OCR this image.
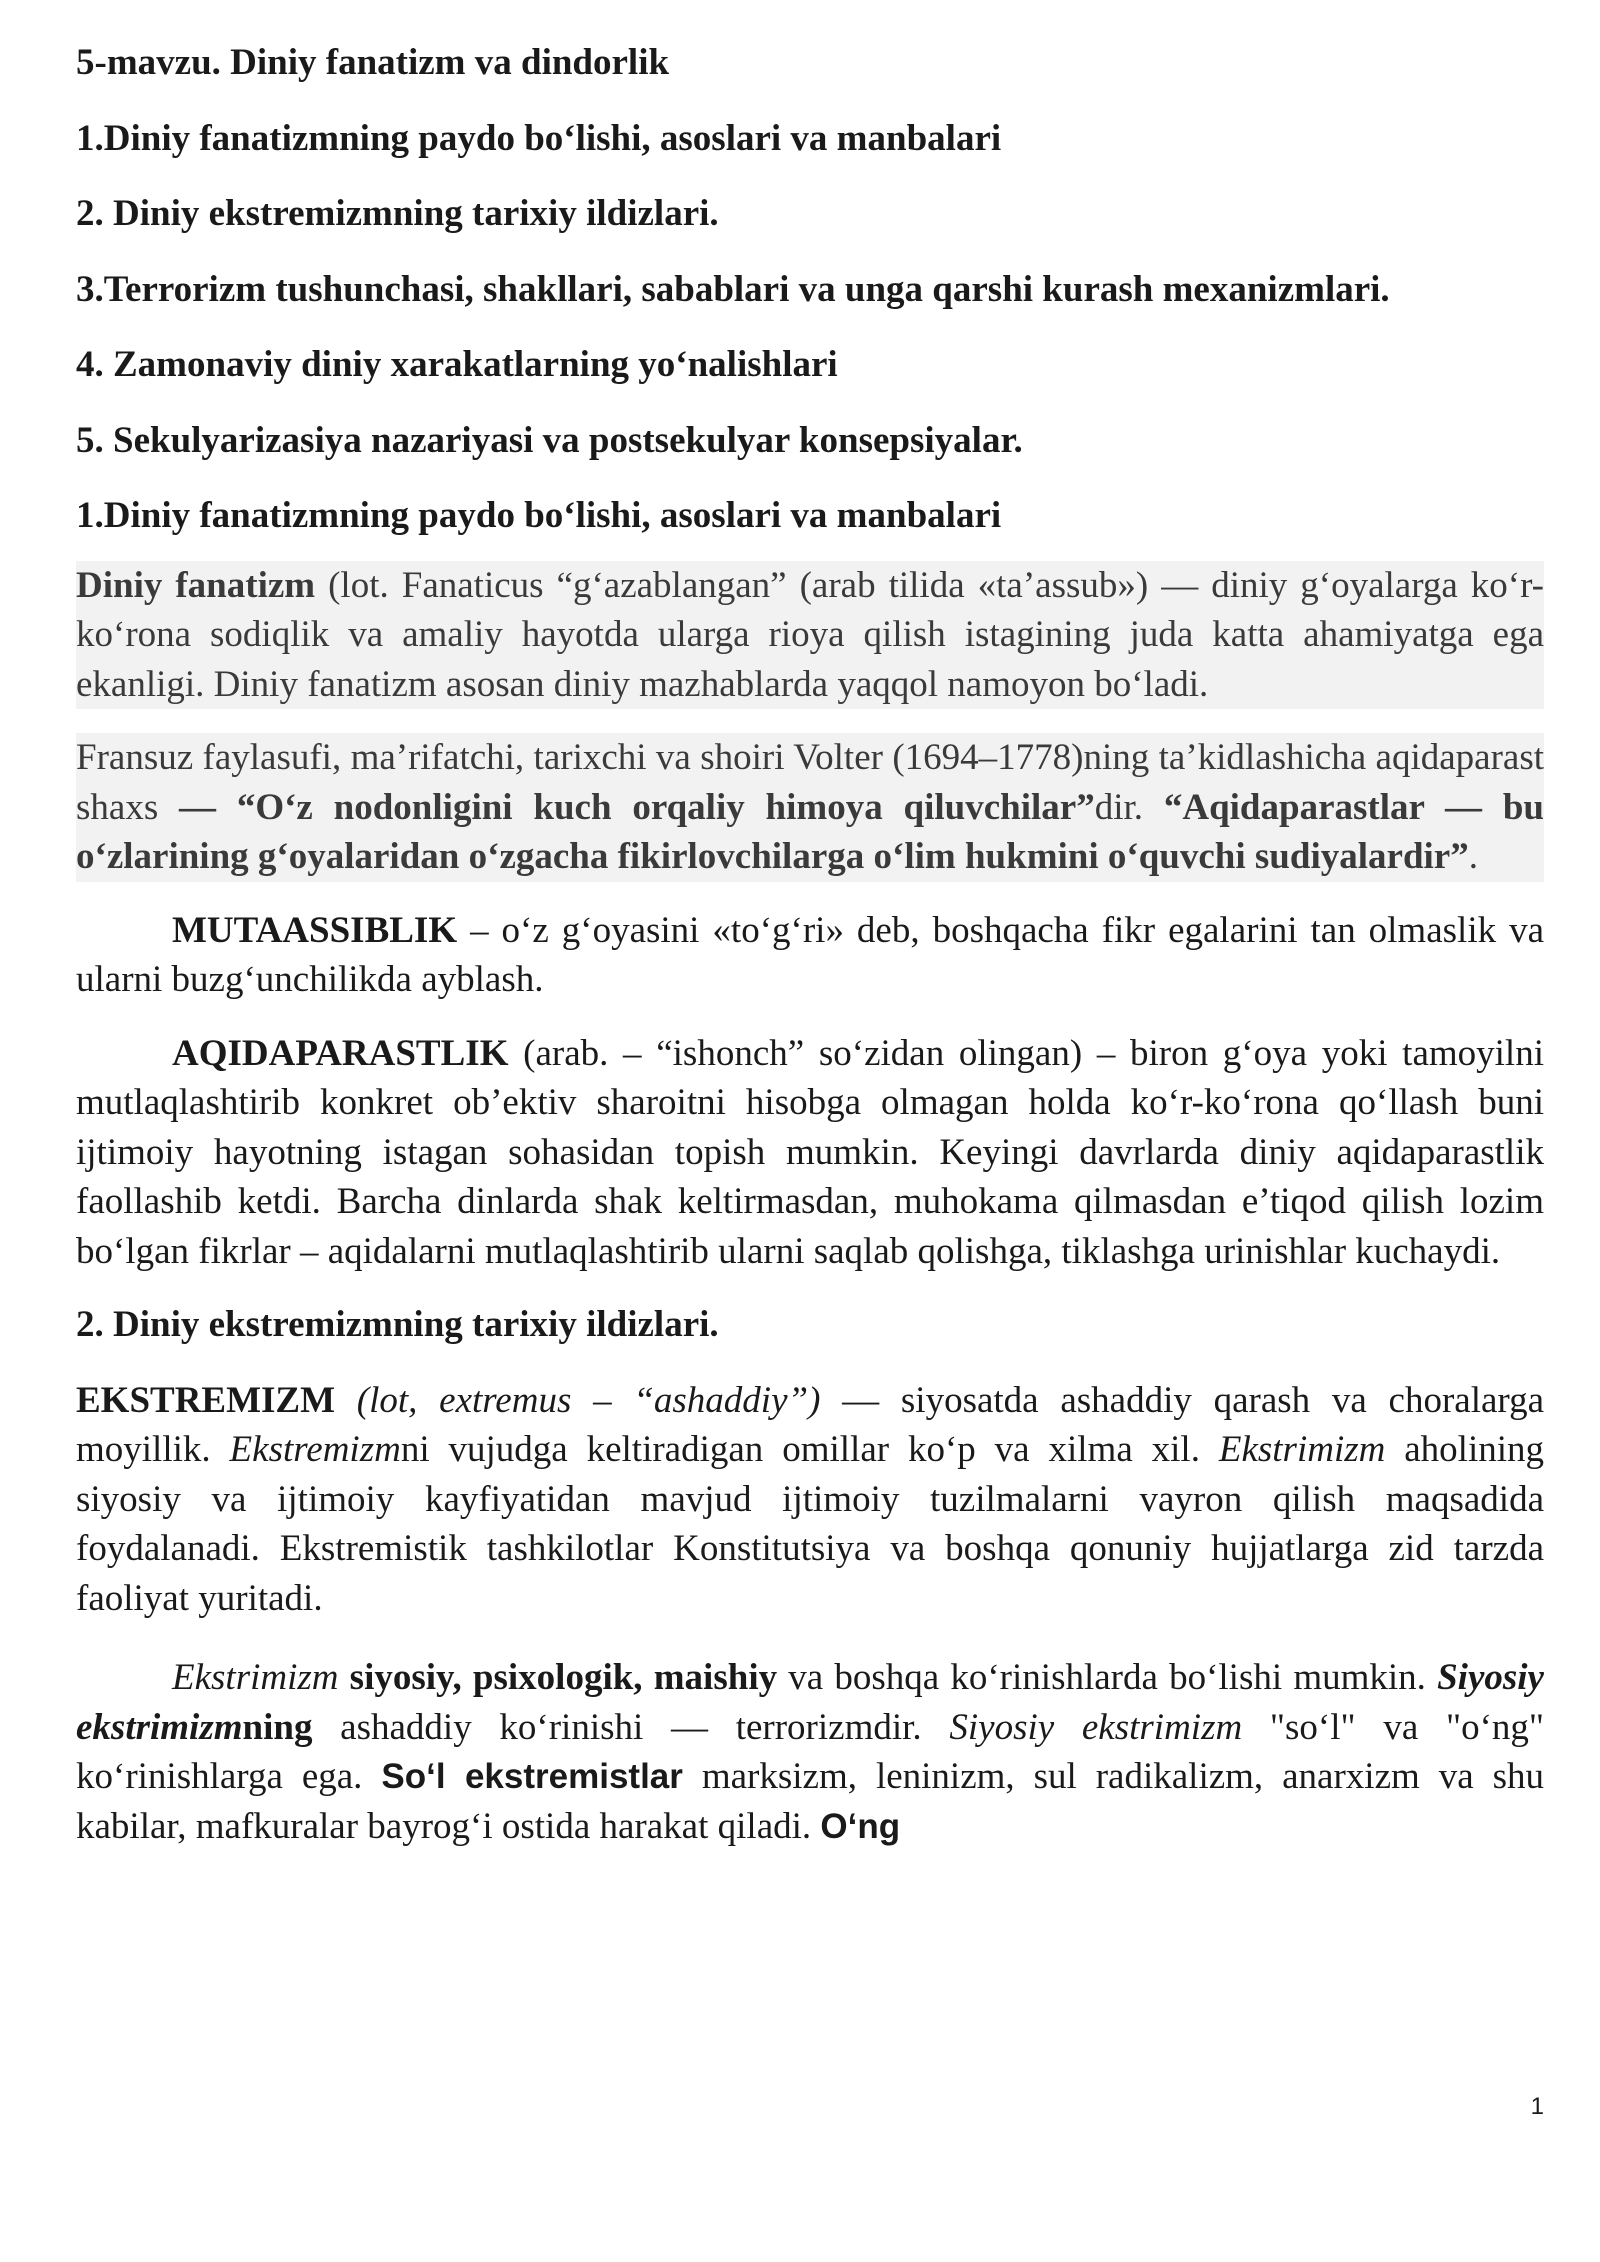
5-mavzu. Diniy fanatizm va dindorlik
1.Diniy fanatizmning paydo bo‘lishi, asoslari va manbalari
2. Diniy ekstremizmning tarixiy ildizlari.
3.Terrorizm tushunchasi, shakllari, sabablari va unga qarshi kurash mexanizmlari.
4. Zamonaviy diniy xarakatlarning yo‘nalishlari
5. Sekulyarizasiya nazariyasi va postsekulyar konsepsiyalar.
1.Diniy fanatizmning paydo bo‘lishi, asoslari va manbalari
Diniy fanatizm (lot. Fanaticus “g‘azablangan” (arab tilida «ta’assub») — diniy g‘oyalarga ko‘r-ko‘rona sodiqlik va amaliy hayotda ularga rioya qilish istagining juda katta ahamiyatga ega ekanligi. Diniy fanatizm asosan diniy mazhablarda yaqqol namoyon bo‘ladi.
Fransuz faylasufi, ma’rifatchi, tarixchi va shoiri Volter (1694–1778)ning ta’kidlashicha aqidaparast shaxs — “O‘z nodonligini kuch orqaliy himoya qiluvchilar”dir. “Aqidaparastlar — bu o‘zlarining g‘oyalaridan o‘zgacha fikirlovchilarga o‘lim hukmini o‘quvchi sudiyalardir”.
MUTAASSIBLIK – o‘z g‘oyasini «to‘g‘ri» deb, boshqacha fikr egalarini tan olmaslik va ularni buzg‘unchilikda ayblash.
AQIDAPARASTLIK (arab. – “ishonch” so‘zidan olingan) – biron g‘oya yoki tamoyilni mutlaqlashtirib konkret ob’ektiv sharoitni hisobga olmagan holda ko‘r-ko‘rona qo‘llash buni ijtimoiy hayotning istagan sohasidan topish mumkin. Keyingi davrlarda diniy aqidaparastlik faollashib ketdi. Barcha dinlarda shak keltirmasdan, muhokama qilmasdan e’tiqod qilish lozim bo‘lgan fikrlar – aqidalarni mutlaqlashtirib ularni saqlab qolishga, tiklashga urinishlar kuchaydi.
2. Diniy ekstremizmning tarixiy ildizlari.
EKSTREMIZM (lot, extremus – “ashaddiy”) — siyosatda ashaddiy qarash va choralarga moyillik. Ekstremizmni vujudga keltiradigan omillar ko‘p va xilma xil. Ekstrimizm aholining siyosiy va ijtimoiy kayfiyatidan mavjud ijtimoiy tuzilmalarni vayron qilish maqsadida foydalanadi. Ekstremistik tashkilotlar Konstitutsiya va boshqa qonuniy hujjatlarga zid tarzda faoliyat yuritadi.
Ekstrimizm siyosiy, psixologik, maishiy va boshqa ko‘rinishlarda bo‘lishi mumkin. Siyosiy ekstrimizmning ashaddiy ko‘rinishi — terrorizmdir. Siyosiy ekstrimizm "so‘l" va "o‘ng" ko‘rinishlarga ega. So‘l ekstremistlar marksizm, leninizm, sul radikalizm, anarxizm va shu kabilar, mafkuralar bayrog‘i ostida harakat qiladi. O‘ng
1
